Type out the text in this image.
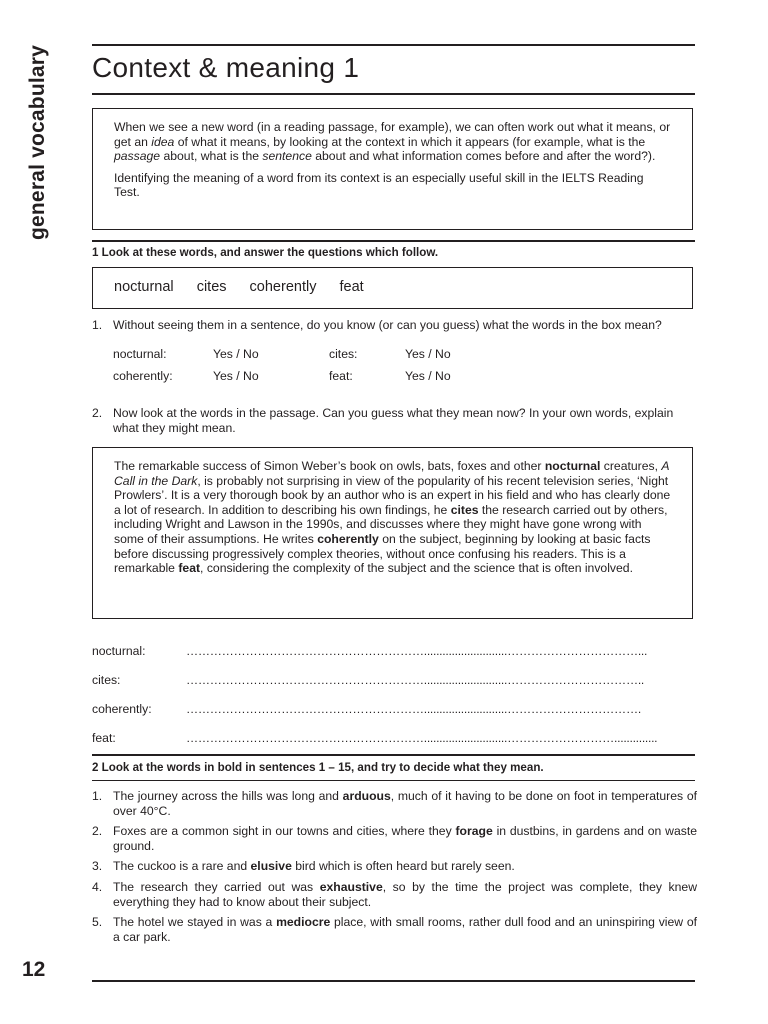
general vocabulary Context & meaning 1

When we see a new word (in a reading passage, for example), we can often work out what it means, or get an idea of what it means, by looking at the context in which it appears (for example, what is the passage about, what is the sentence about and what information comes before and after the word?).

Identifying the meaning of a word from its context is an especially useful skill in the IELTS Reading Test.

1 Look at these words, and answer the questions which follow.
nocturnal cites coherently feat
1. Without seeing them in a sentence, do you know (or can you guess) what the words in the box mean?
nocturnal:	Yes / No	cites:	Yes / No
coherently:	Yes / No	feat:	Yes / No
2. Now look at the words in the passage. Can you guess what they mean now? In your own words, explain what they might mean.

The remarkable success of Simon Weber’s book on owls, bats, foxes and other nocturnal creatures, A Call in the Dark, is probably not surprising in view of the popularity of his recent television series, ‘Night Prowlers’. It is a very thorough book by an author who is an expert in his field and who has clearly done a lot of research. In addition to describing his own findings, he cites the research carried out by others, including Wright and Lawson in the 1990s, and discusses where they might have gone wrong with some of their assumptions. He writes coherently on the subject, beginning by looking at basic facts before discussing progressively complex theories, without once confusing his readers. This is a remarkable feat, considering the complexity of the subject and the science that is often involved.

nocturnal:	……………………………………………………...........................……………………………...
cites:	……………………………………………………...........................……………………………..
coherently:	……………………………………………………...........................…………………………….
feat:	……………………………………………………...........................………………………..............
2 Look at the words in bold in sentences 1 – 15, and try to decide what they mean.
1. The journey across the hills was long and arduous, much of it having to be done on foot in temperatures of over 40°C.
2. Foxes are a common sight in our towns and cities, where they forage in dustbins, in gardens and on waste ground.
3. The cuckoo is a rare and elusive bird which is often heard but rarely seen.
4. The research they carried out was exhaustive, so by the time the project was complete, they knew everything they had to know about their subject.
5. The hotel we stayed in was a mediocre place, with small rooms, rather dull food and an uninspiring view of a car park.
12
